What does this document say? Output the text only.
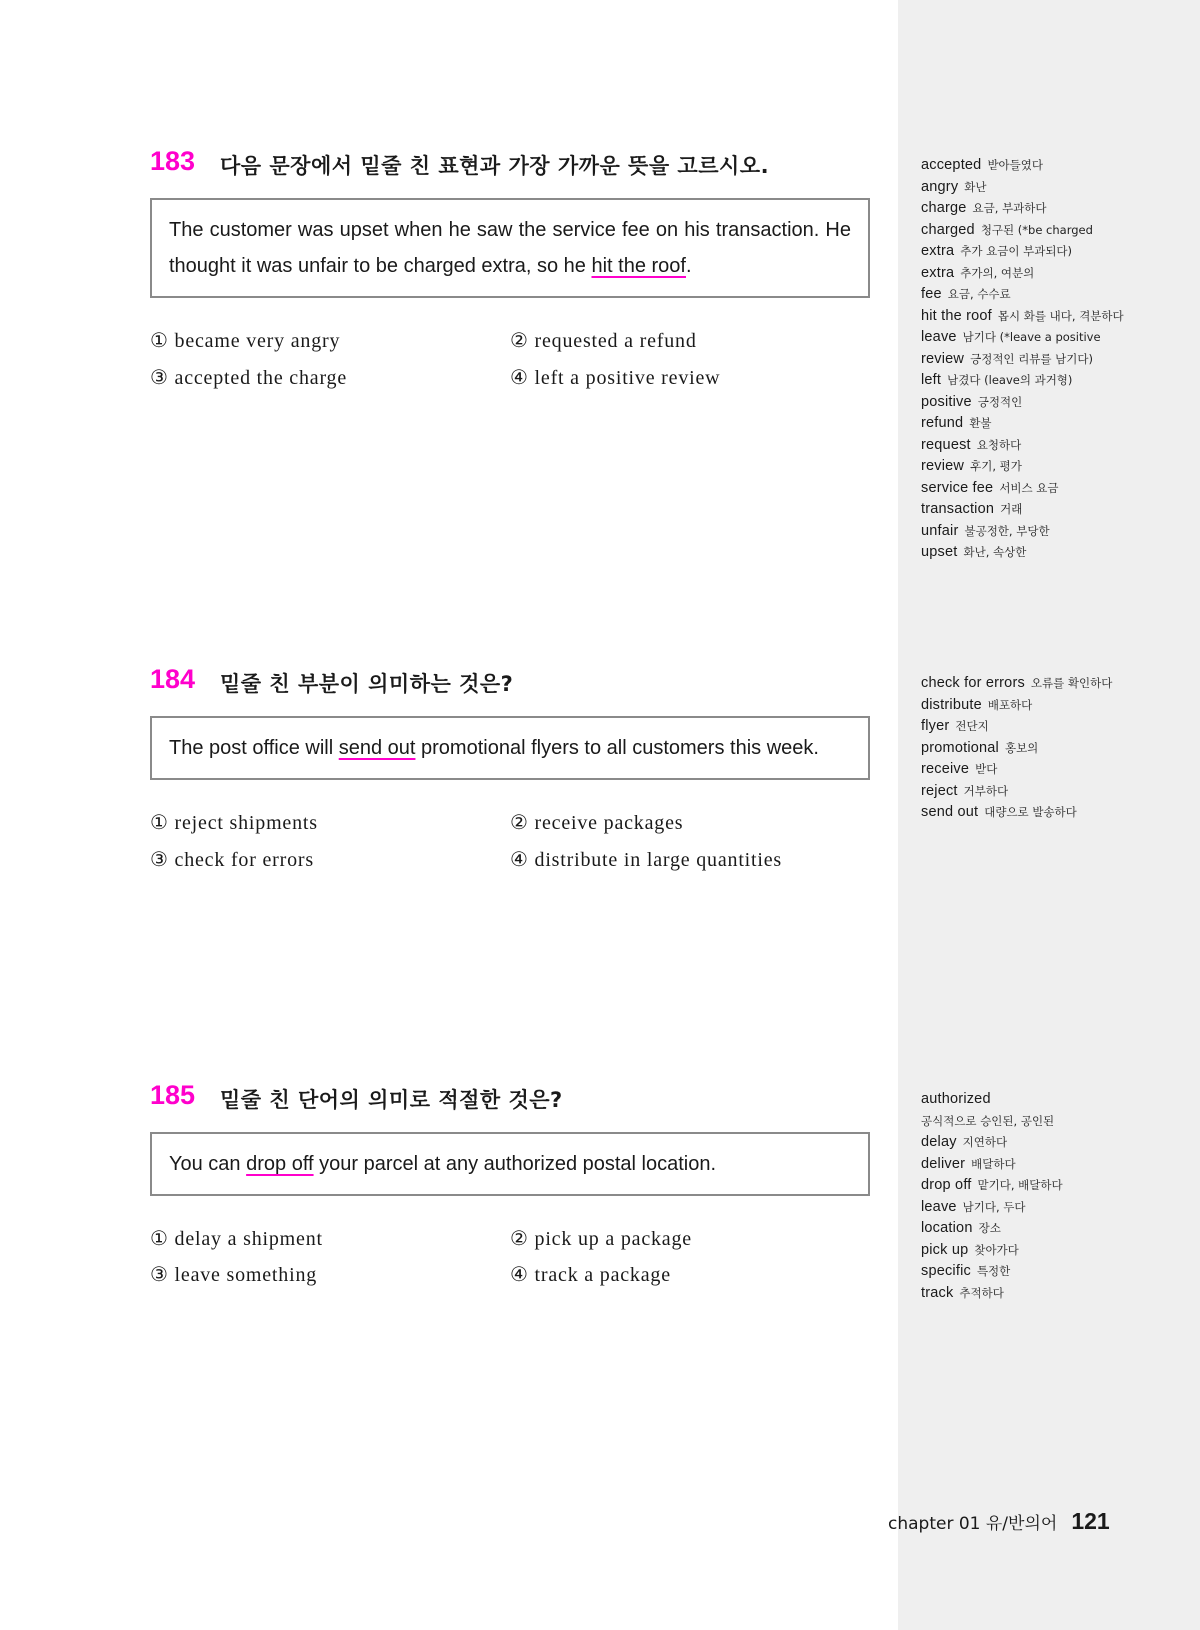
183 다음 문장에서 밑줄 친 표현과 가장 가까운 뜻을 고르시오.
The customer was upset when he saw the service fee on his transaction. He thought it was unfair to be charged extra, so he hit the roof.
① became very angry	② requested a refund
③ accepted the charge	④ left a positive review
184 밑줄 친 부분이 의미하는 것은?
The post office will send out promotional flyers to all customers this week.
① reject shipments	② receive packages
③ check for errors	④ distribute in large quantities
185 밑줄 친 단어의 의미로 적절한 것은?
You can drop off your parcel at any authorized postal location.
① delay a shipment	② pick up a package
③ leave something	④ track a package
accepted 받아들였다
angry 화난
charge 요금, 부과하다
charged 청구된 (*be charged
extra 추가 요금이 부과되다)
extra 추가의, 여분의
fee 요금, 수수료
hit the roof 몹시 화를 내다, 격분하다
leave 남기다 (*leave a positive
review 긍정적인 리뷰를 남기다)
left 남겼다 (leave의 과거형)
positive 긍정적인
refund 환불
request 요청하다
review 후기, 평가
service fee 서비스 요금
transaction 거래
unfair 불공정한, 부당한
upset 화난, 속상한
check for errors 오류를 확인하다
distribute 배포하다
flyer 전단지
promotional 홍보의
receive 받다
reject 거부하다
send out 대량으로 발송하다
authorized
공식적으로 승인된, 공인된
delay 지연하다
deliver 배달하다
drop off 맡기다, 배달하다
leave 남기다, 두다
location 장소
pick up 찾아가다
specific 특정한
track 추적하다
chapter 01 유/반의어 121
